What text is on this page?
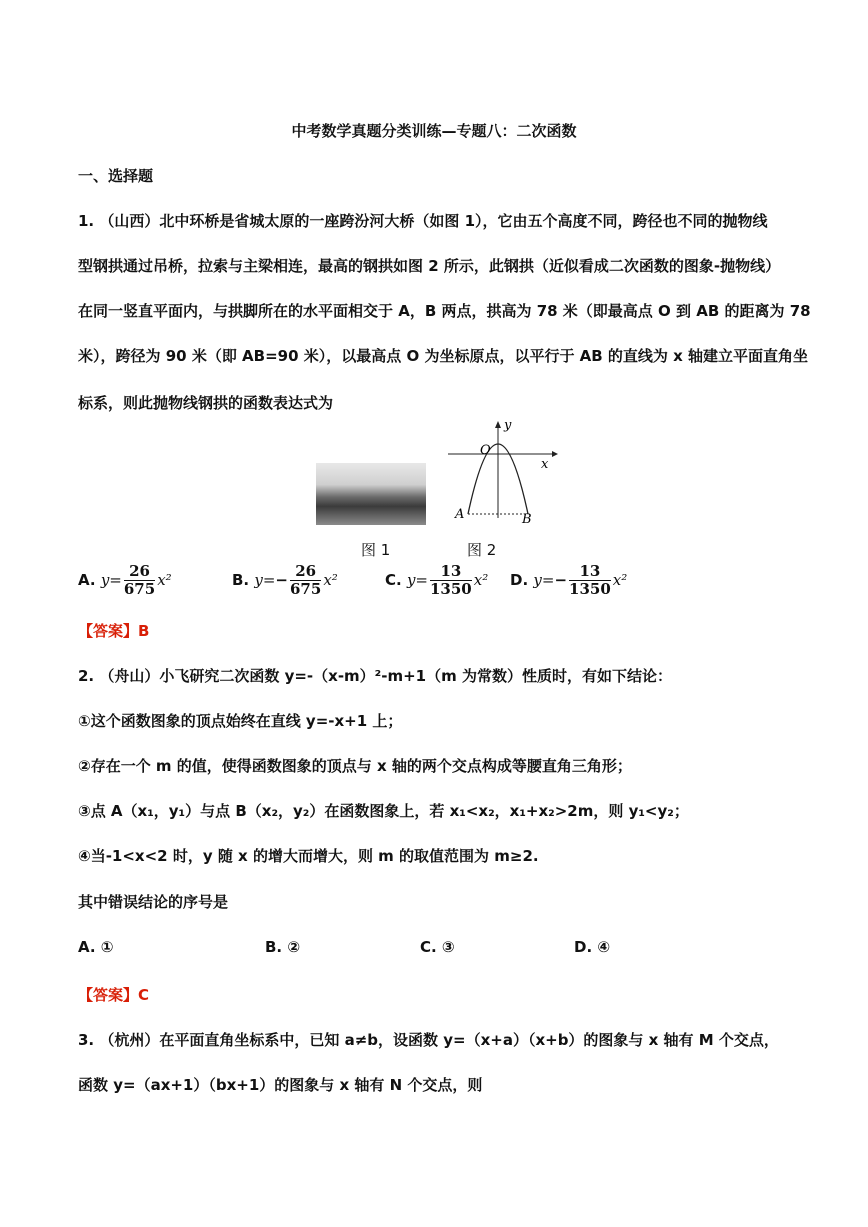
中考数学真题分类训练—专题八：二次函数
一、选择题
1. （山西）北中环桥是省城太原的一座跨汾河大桥（如图 1），它由五个高度不同，跨径也不同的抛物线
型钢拱通过吊桥，拉索与主梁相连，最高的钢拱如图 2 所示，此钢拱（近似看成二次函数的图象-抛物线）
在同一竖直平面内，与拱脚所在的水平面相交于 A，B 两点，拱高为 78 米（即最高点 O 到 AB 的距离为 78
米），跨径为 90 米（即 AB=90 米），以最高点 O 为坐标原点，以平行于 AB 的直线为 x 轴建立平面直角坐
标系，则此抛物线钢拱的函数表达式为
y
O
x
A	B
图 1	图 2
A. $y= \frac{26}{675} x^2$	B. $y=- \frac{26}{675} x^2$	C. $y= \frac{13}{1350} x^2$ D. $y=- \frac{13}{1350} x^2$
【答案】B
2. （舟山）小飞研究二次函数 y=-（x-m）²-m+1（m 为常数）性质时，有如下结论：
①这个函数图象的顶点始终在直线 y=-x+1 上；
②存在一个 m 的值，使得函数图象的顶点与 x 轴的两个交点构成等腰直角三角形；
③点 A（x₁，y₁）与点 B（x₂，y₂）在函数图象上，若 x₁<x₂，x₁+x₂>2m，则 y₁<y₂；
④当-1<x<2 时，y 随 x 的增大而增大，则 m 的取值范围为 m≥2.
其中错误结论的序号是
A. ①	B. ②	C. ③	D. ④
【答案】C
3. （杭州）在平面直角坐标系中，已知 a≠b，设函数 y=（x+a）（x+b）的图象与 x 轴有 M 个交点，
函数 y=（ax+1）（bx+1）的图象与 x 轴有 N 个交点，则
